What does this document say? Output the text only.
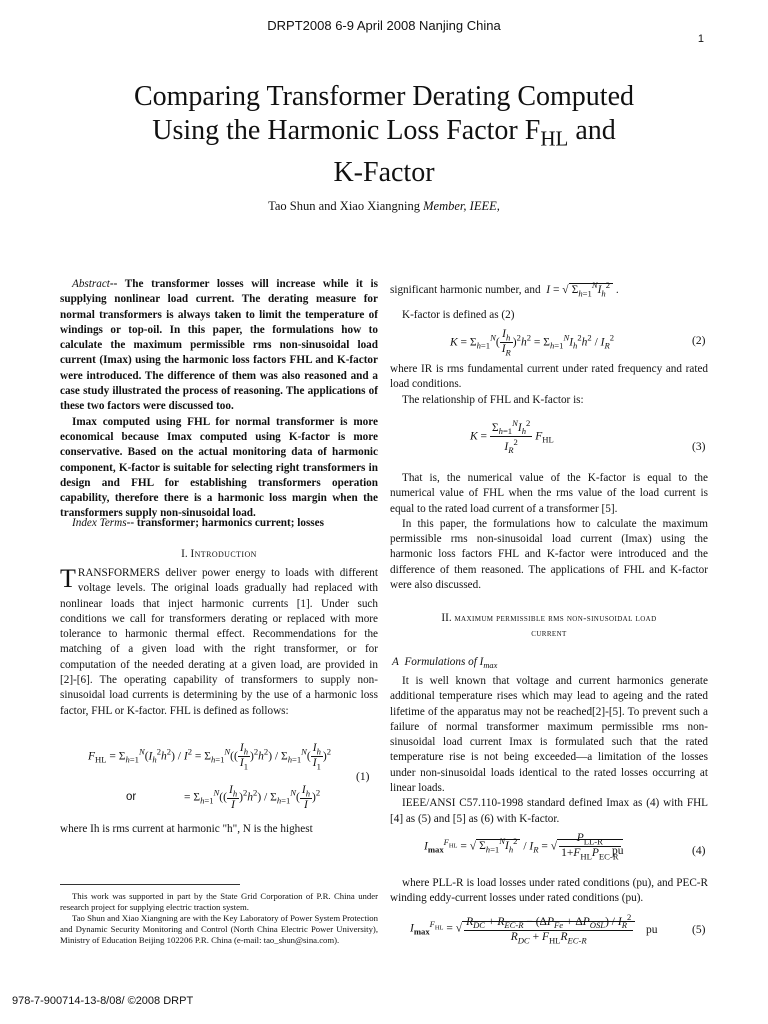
DRPT2008 6-9 April 2008 Nanjing China
1
Comparing Transformer Derating Computed
Using the Harmonic Loss Factor $F_{HL}$ and
K-Factor
Tao Shun and Xiao Xiangning Member, IEEE,

Abstract-- The transformer losses will increase while it is supplying nonlinear load current. The derating measure for normal transformers is always taken to limit the temperature of windings or top-oil. In this paper, the formulations how to calculate the maximum permissible rms non-sinusoidal load current (Imax) using the harmonic loss factors FHL and K-factor were introduced. The difference of them was also reasoned and a case study illustrated the process of reasoning. The applications of these two factors were discussed too.

Imax computed using FHL for normal transformer is more economical because Imax computed using K-factor is more conservative. Based on the actual monitoring data of harmonic component, K-factor is suitable for selecting right transformers in design and FHL for establishing transformers operation capability, therefore there is a harmonic loss margin when the transformers supply non-sinusoidal load.

Index Terms-- transformer; harmonics current; losses

I. Introduction

TRANSFORMERS deliver power energy to loads with different voltage levels. The original loads gradually had replaced with nonlinear loads that inject harmonic currents [1]. Under such conditions we call for transformers derating or replaced with more tolerance to harmonic thermal effect. Recommendations for the matching of a given load with the right transformer, or for computation of the needed derating at a given load, are provided in [2]-[6]. The operating capability of transformers to supply non-sinusoidal load currents is determining by the use of a harmonic loss factor, FHL or K-factor. FHL is defined as follows:

$F_{HL} = \Sigma_{h=1}^N(I_h^2h^2) / I^2 = \Sigma_{h=1}^N(( \frac{I_h}{I_1} )^2h^2) / \Sigma_{h=1}^N( \frac{I_h}{I_1} )^2$
(1)
or	= $\Sigma_{h=1}^N(( \frac{I_h}{I} )^2h^2) / \Sigma_{h=1}^N( \frac{I_h}{I} )^2$

where Ih is rms current at harmonic "h", N is the highest

This work was supported in part by the State Grid Corporation of P.R. China under research project for supplying electric traction system.

Tao Shun and Xiao Xiangning are with the Key Laboratory of Power System Protection and Dynamic Security Monitoring and Control (North China Electric Power University), Ministry of Education Beijing 102206 P.R. China (e-mail: tao_shun@sina.com).

978-7-900714-13-8/08/ ©2008 DRPT

significant harmonic number, and I = √ $\Sigma_{h=1}^NI_h^2$ .

K-factor is defined as (2)

$K = \Sigma_{h=1}^N( \frac{I_h}{I_R} )^2h^2 = \Sigma_{h=1}^NI_h^2h^2 / I_R^2$	(2)

where IR is rms fundamental current under rated frequency and rated load conditions.

The relationship of FHL and K-factor is:

$K = \frac{\Sigma_{h=1}^NI_h^2}{I_R^2} F_{HL}$
(3)

That is, the numerical value of the K-factor is equal to the numerical value of FHL when the rms value of the load current is equal to the rated load current of a transformer [5].

In this paper, the formulations how to calculate the maximum permissible rms non-sinusoidal load current (Imax) using the harmonic loss factors FHL and K-factor were introduced and the difference of them reasoned. The applications of FHL and K-factor were also discussed.

II. maximum permissible rms non-sinusoidal load
current

A Formulations of $I_{max}$

It is well known that voltage and current harmonics generate additional temperature rises which may lead to ageing and the rated lifetime of the apparatus may not be reached[2]-[5]. To prevent such a failure of normal transformer maximum permissible rms non-sinusoidal load current Imax is formulated such that the rated temperature rise is not being exceeded—a limitation of the losses under non-sinusoidal loads identical to the rated losses occurring at linear loads.

IEEE/ANSI C57.110-1998 standard defined Imax as (4) with FHL [4] as (5) and [5] as (6) with K-factor.

$I_{max}^{F_{HL}}$ = √ $\Sigma_{h=1}^NI_h^2 / I_R$ = √ $\frac{P_{LL-R}}{1+F_{HL}P_{EC-R}}$
pu	(4)

where PLL-R is load losses under rated conditions (pu), and PEC-R winding eddy-current losses under rated conditions (pu).

$I_{max}^{F_{HL}}$ = √ $\frac{R_{DC} + R_{EC-R} - (\Delta P_{Fe} + \Delta P_{OSL}) / I_R^2}{R_{DC} + F_{HL}R_{EC-R}}$ pu	(5)
